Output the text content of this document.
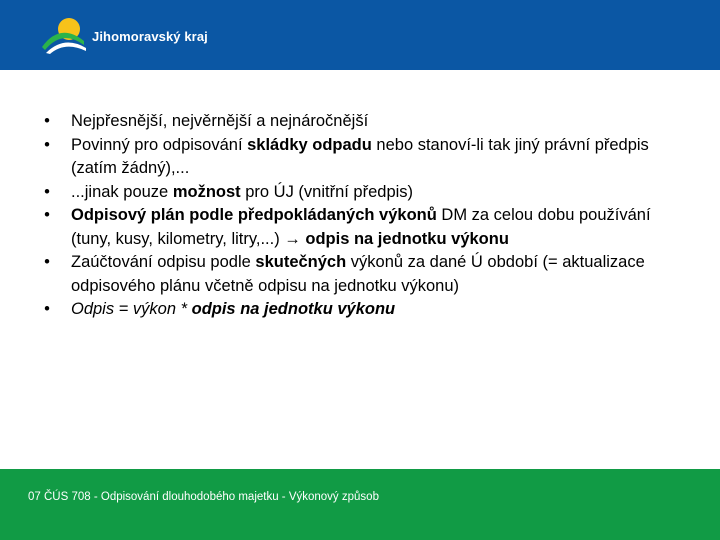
Jihomoravský kraj

• Nejpřesnější, nejvěrnější a nejnáročnější

• Povinný pro odpisování skládky odpadu nebo stanoví-li tak jiný právní předpis (zatím žádný),...

• ...jinak pouze možnost pro ÚJ (vnitřní předpis)

• Odpisový plán podle předpokládaných výkonů DM za celou dobu používání (tuny, kusy, kilometry, litry,...) → odpis na jednotku výkonu

• Zaúčtování odpisu podle skutečných výkonů za dané Ú období (= aktualizace odpisového plánu včetně odpisu na jednotku výkonu)

• Odpis = výkon * odpis na jednotku výkonu

07 ČÚS 708 - Odpisování dlouhodobého majetku - Výkonový způsob
